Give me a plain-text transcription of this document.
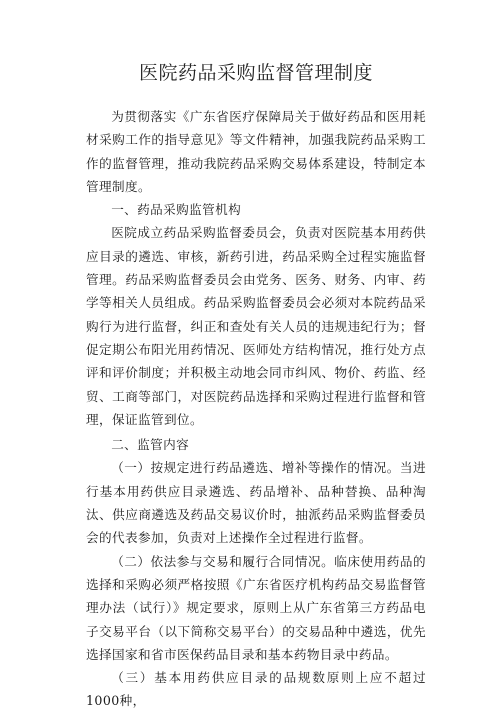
医院药品采购监督管理制度

为贯彻落实《广东省医疗保障局关于做好药品和医用耗材采购工作的指导意见》等文件精神，加强我院药品采购工作的监督管理，推动我院药品采购交易体系建设，特制定本管理制度。

一、药品采购监管机构

医院成立药品采购监督委员会，负责对医院基本用药供应目录的遴选、审核，新药引进，药品采购全过程实施监督管理。药品采购监督委员会由党务、医务、财务、内审、药学等相关人员组成。药品采购监督委员会必须对本院药品采购行为进行监督，纠正和查处有关人员的违规违纪行为；督促定期公布阳光用药情况、医师处方结构情况，推行处方点评和评价制度；并积极主动地会同市纠风、物价、药监、经贸、工商等部门，对医院药品选择和采购过程进行监督和管理，保证监管到位。

二、监管内容

（一）按规定进行药品遴选、增补等操作的情况。当进行基本用药供应目录遴选、药品增补、品种替换、品种淘汰、供应商遴选及药品交易议价时，抽派药品采购监督委员会的代表参加，负责对上述操作全过程进行监督。

（二）依法参与交易和履行合同情况。临床使用药品的选择和采购必须严格按照《广东省医疗机构药品交易监督管理办法（试行）》规定要求，原则上从广东省第三方药品电子交易平台（以下简称交易平台）的交易品种中遴选，优先选择国家和省市医保药品目录和基本药物目录中药品。

（三）基本用药供应目录的品规数原则上应不超过1000种，
